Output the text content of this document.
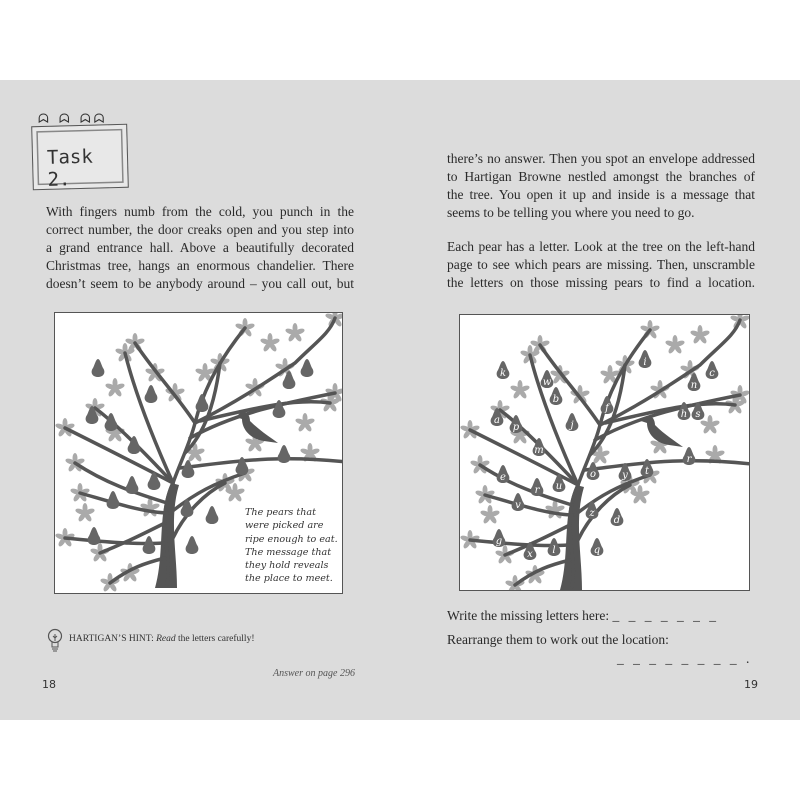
ᗣ ᗣ ᗣᗣ
Task 2.
With fingers numb from the cold, you punch in the
correct number, the door creaks open and you step into
a grand entrance hall. Above a beautifully decorated
Christmas tree, hangs an enormous chandelier. There
doesn’t seem to be anybody around – you call out, but
The pears that
were picked are
ripe enough to eat.
The message that
they hold reveals
the place to meet.
HARTIGAN’S HINT: Read the letters carefully!
Answer on page 296
18
there’s no answer. Then you spot an envelope addressed
to Hartigan Browne nestled amongst the branches of
the tree. You open it up and inside is a message that
seems to be telling you where you need to go.
Each pear has a letter. Look at the tree on the left-hand
page to see which pears are missing. Then, unscramble
the letters on those missing pears to find a location.
k
w
b
i
c
n
f
h s
a
p	j
m
r
o	y t
e
r u
v
z
d
g
x l	q
Write the missing letters here: _ _ _ _ _ _ _
Rearrange them to work out the location:
_ _ _ _ _ _ _ _ .
19
